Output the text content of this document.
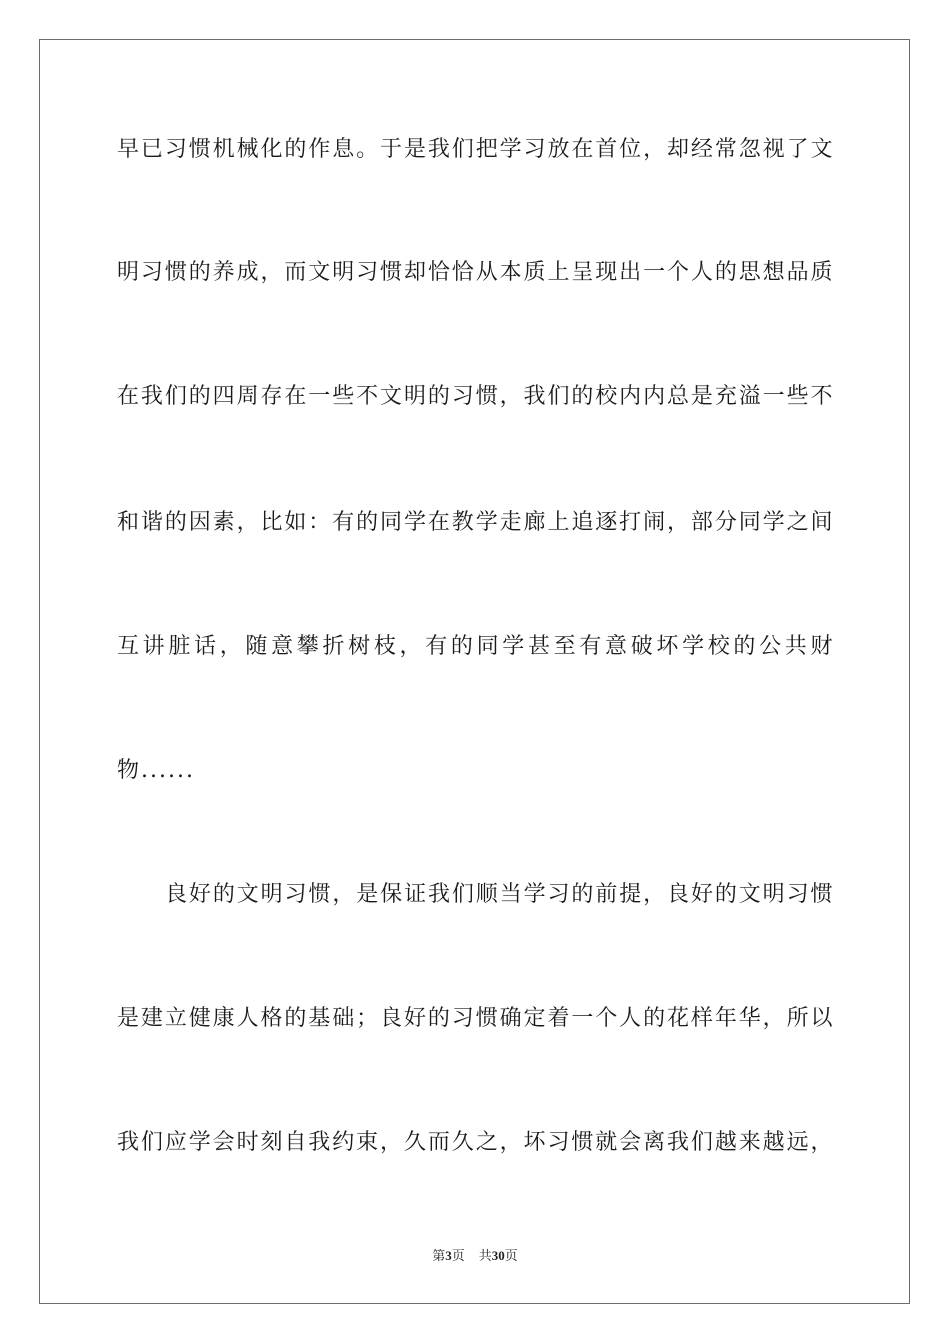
早已习惯机械化的作息。于是我们把学习放在首位，却经常忽视了文
明习惯的养成，而文明习惯却恰恰从本质上呈现出一个人的思想品质
在我们的四周存在一些不文明的习惯，我们的校内内总是充溢一些不
和谐的因素，比如：有的同学在教学走廊上追逐打闹，部分同学之间
互讲脏话，随意攀折树枝，有的同学甚至有意破坏学校的公共财
物......
良好的文明习惯，是保证我们顺当学习的前提，良好的文明习惯
是建立健康人格的基础；良好的习惯确定着一个人的花样年华，所以
我们应学会时刻自我约束，久而久之，坏习惯就会离我们越来越远，
第3页 共30页
